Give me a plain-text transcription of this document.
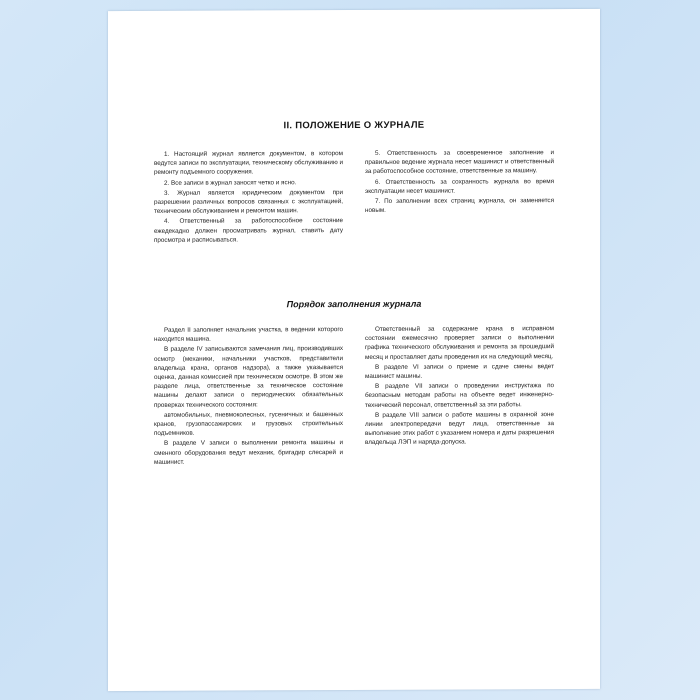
II. ПОЛОЖЕНИЕ О ЖУРНАЛЕ

1. Настоящий журнал является документом, в котором ведутся записи по эксплуатации, техническому обслуживанию и ремонту подъемного сооружения.

2. Все записи в журнал заносят четко и ясно.

3. Журнал является юридическим документом при разрешении различных вопросов связанных с эксплуатацией, техническим обслуживанием и ремонтом машин.

4. Ответственный за работоспособное состояние ежедекадно должен просматривать журнал, ставить дату просмотра и расписываться.

5. Ответственность за своевременное заполнение и правильное ведение журнала несет машинист и ответственный за работоспособное состояние, ответственные за машину.

6. Ответственность за сохранность журнала во время эксплуатации несет машинист.

7. По заполнении всех страниц журнала, он заменяется новым.

Порядок заполнения журнала

Раздел II заполняет начальник участка, в ведении которого находится машина.

В разделе IV записываются замечания лиц, производивших осмотр (механики, начальники участков, представители владельца крана, органов надзора), а также указывается оценка, данная комиссией при техническом осмотре. В этом же разделе лица, ответственные за техническое состояние машины делают записи о периодических обязательных проверках технического состояния:

автомобильных, пневмоколесных, гусеничных и башенных кранов, грузопассажирских и грузовых строительных подъемников.

В разделе V записи о выполнении ремонта машины и сменного оборудования ведут механик, бригадир слесарей и машинист.

Ответственный за содержание крана в исправном состоянии ежемесячно проверяет записи о выполнении графика технического обслуживания и ремонта за прошедший месяц и проставляет даты проведения их на следующий месяц.

В разделе VI записи о приеме и сдаче смены ведет машинист машины.

В разделе VII записи о проведении инструктажа по безопасным методам работы на объекте ведет инженерно-технический персонал, ответственный за эти работы.

В разделе VIII записи о работе машины в охранной зоне линии электропередачи ведут лица, ответственные за выполнение этих работ с указанием номера и даты разрешения владельца ЛЭП и наряда-допуска.
